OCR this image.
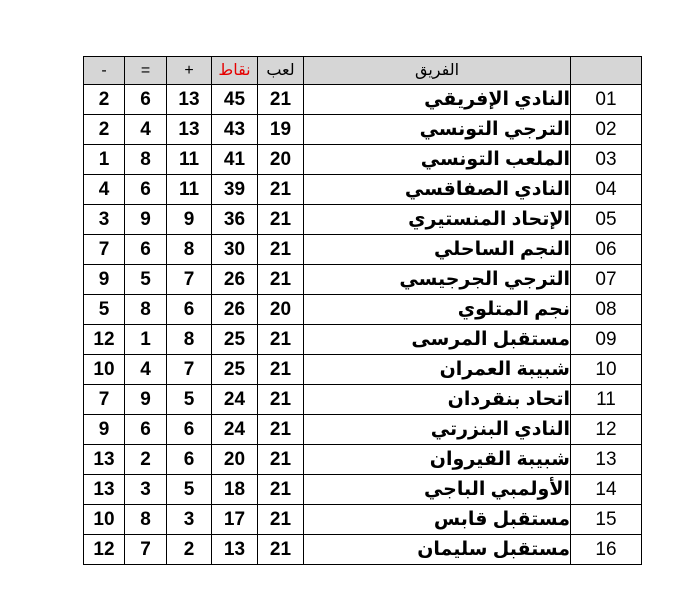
-	=	+	نقاط	لعب	الفريق	
2	6	13	45	21	النادي الإفريقي	01
2	4	13	43	19	الترجي التونسي	02
1	8	11	41	20	الملعب التونسي	03
4	6	11	39	21	النادي الصفاقسي	04
3	9	9	36	21	الإتحاد المنستيري	05
7	6	8	30	21	النجم الساحلي	06
9	5	7	26	21	الترجي الجرجيسي	07
5	8	6	26	20	نجم المتلوي	08
12	1	8	25	21	مستقبل المرسى	09
10	4	7	25	21	شبيبة العمران	10
7	9	5	24	21	اتحاد بنقردان	11
9	6	6	24	21	النادي البنزرتي	12
13	2	6	20	21	شبيبة القيروان	13
13	3	5	18	21	الأولمبي الباجي	14
10	8	3	17	21	مستقبل قابس	15
12	7	2	13	21	مستقبل سليمان	16
